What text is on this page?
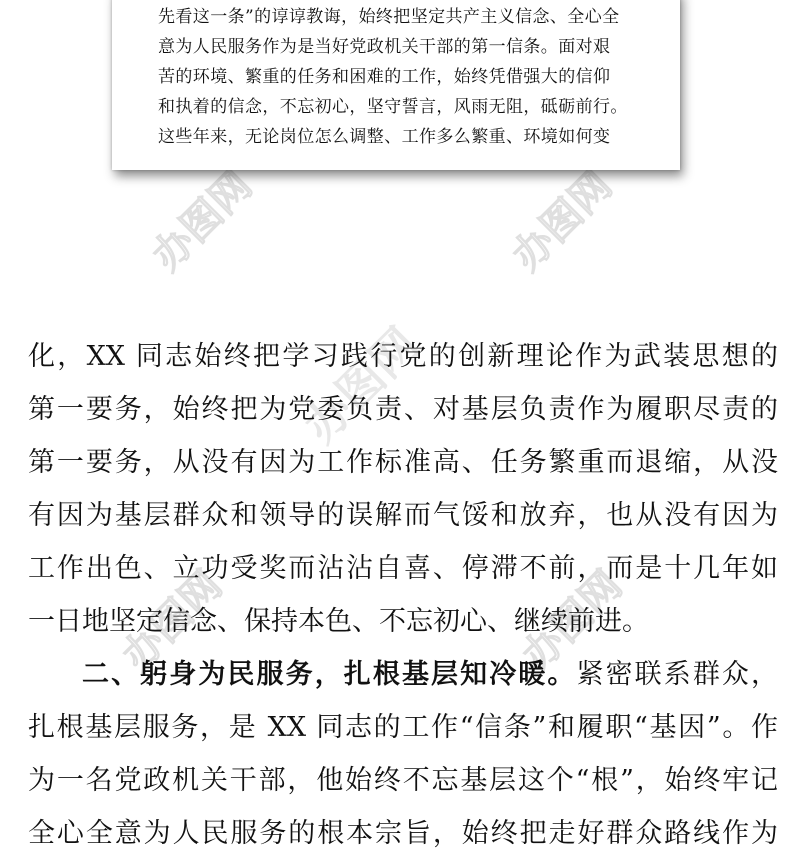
办图网	办图网
办图网
办图网	办图网
先看这一条”的谆谆教诲，始终把坚定共产主义信念、全心全
意为人民服务作为是当好党政机关干部的第一信条。面对艰
苦的环境、繁重的任务和困难的工作，始终凭借强大的信仰
和执着的信念，不忘初心，坚守誓言，风雨无阻，砥砺前行。
这些年来，无论岗位怎么调整、工作多么繁重、环境如何变
化，XX 同志始终把学习践行党的创新理论作为武装思想的
第一要务，始终把为党委负责、对基层负责作为履职尽责的
第一要务，从没有因为工作标准高、任务繁重而退缩，从没
有因为基层群众和领导的误解而气馁和放弃，也从没有因为
工作出色、立功受奖而沾沾自喜、停滞不前，而是十几年如
一日地坚定信念、保持本色、不忘初心、继续前进。
二、躬身为民服务，扎根基层知冷暖。紧密联系群众，
扎根基层服务，是 XX 同志的工作“信条”和履职“基因”。作
为一名党政机关干部，他始终不忘基层这个“根”，始终牢记
全心全意为人民服务的根本宗旨，始终把走好群众路线作为
